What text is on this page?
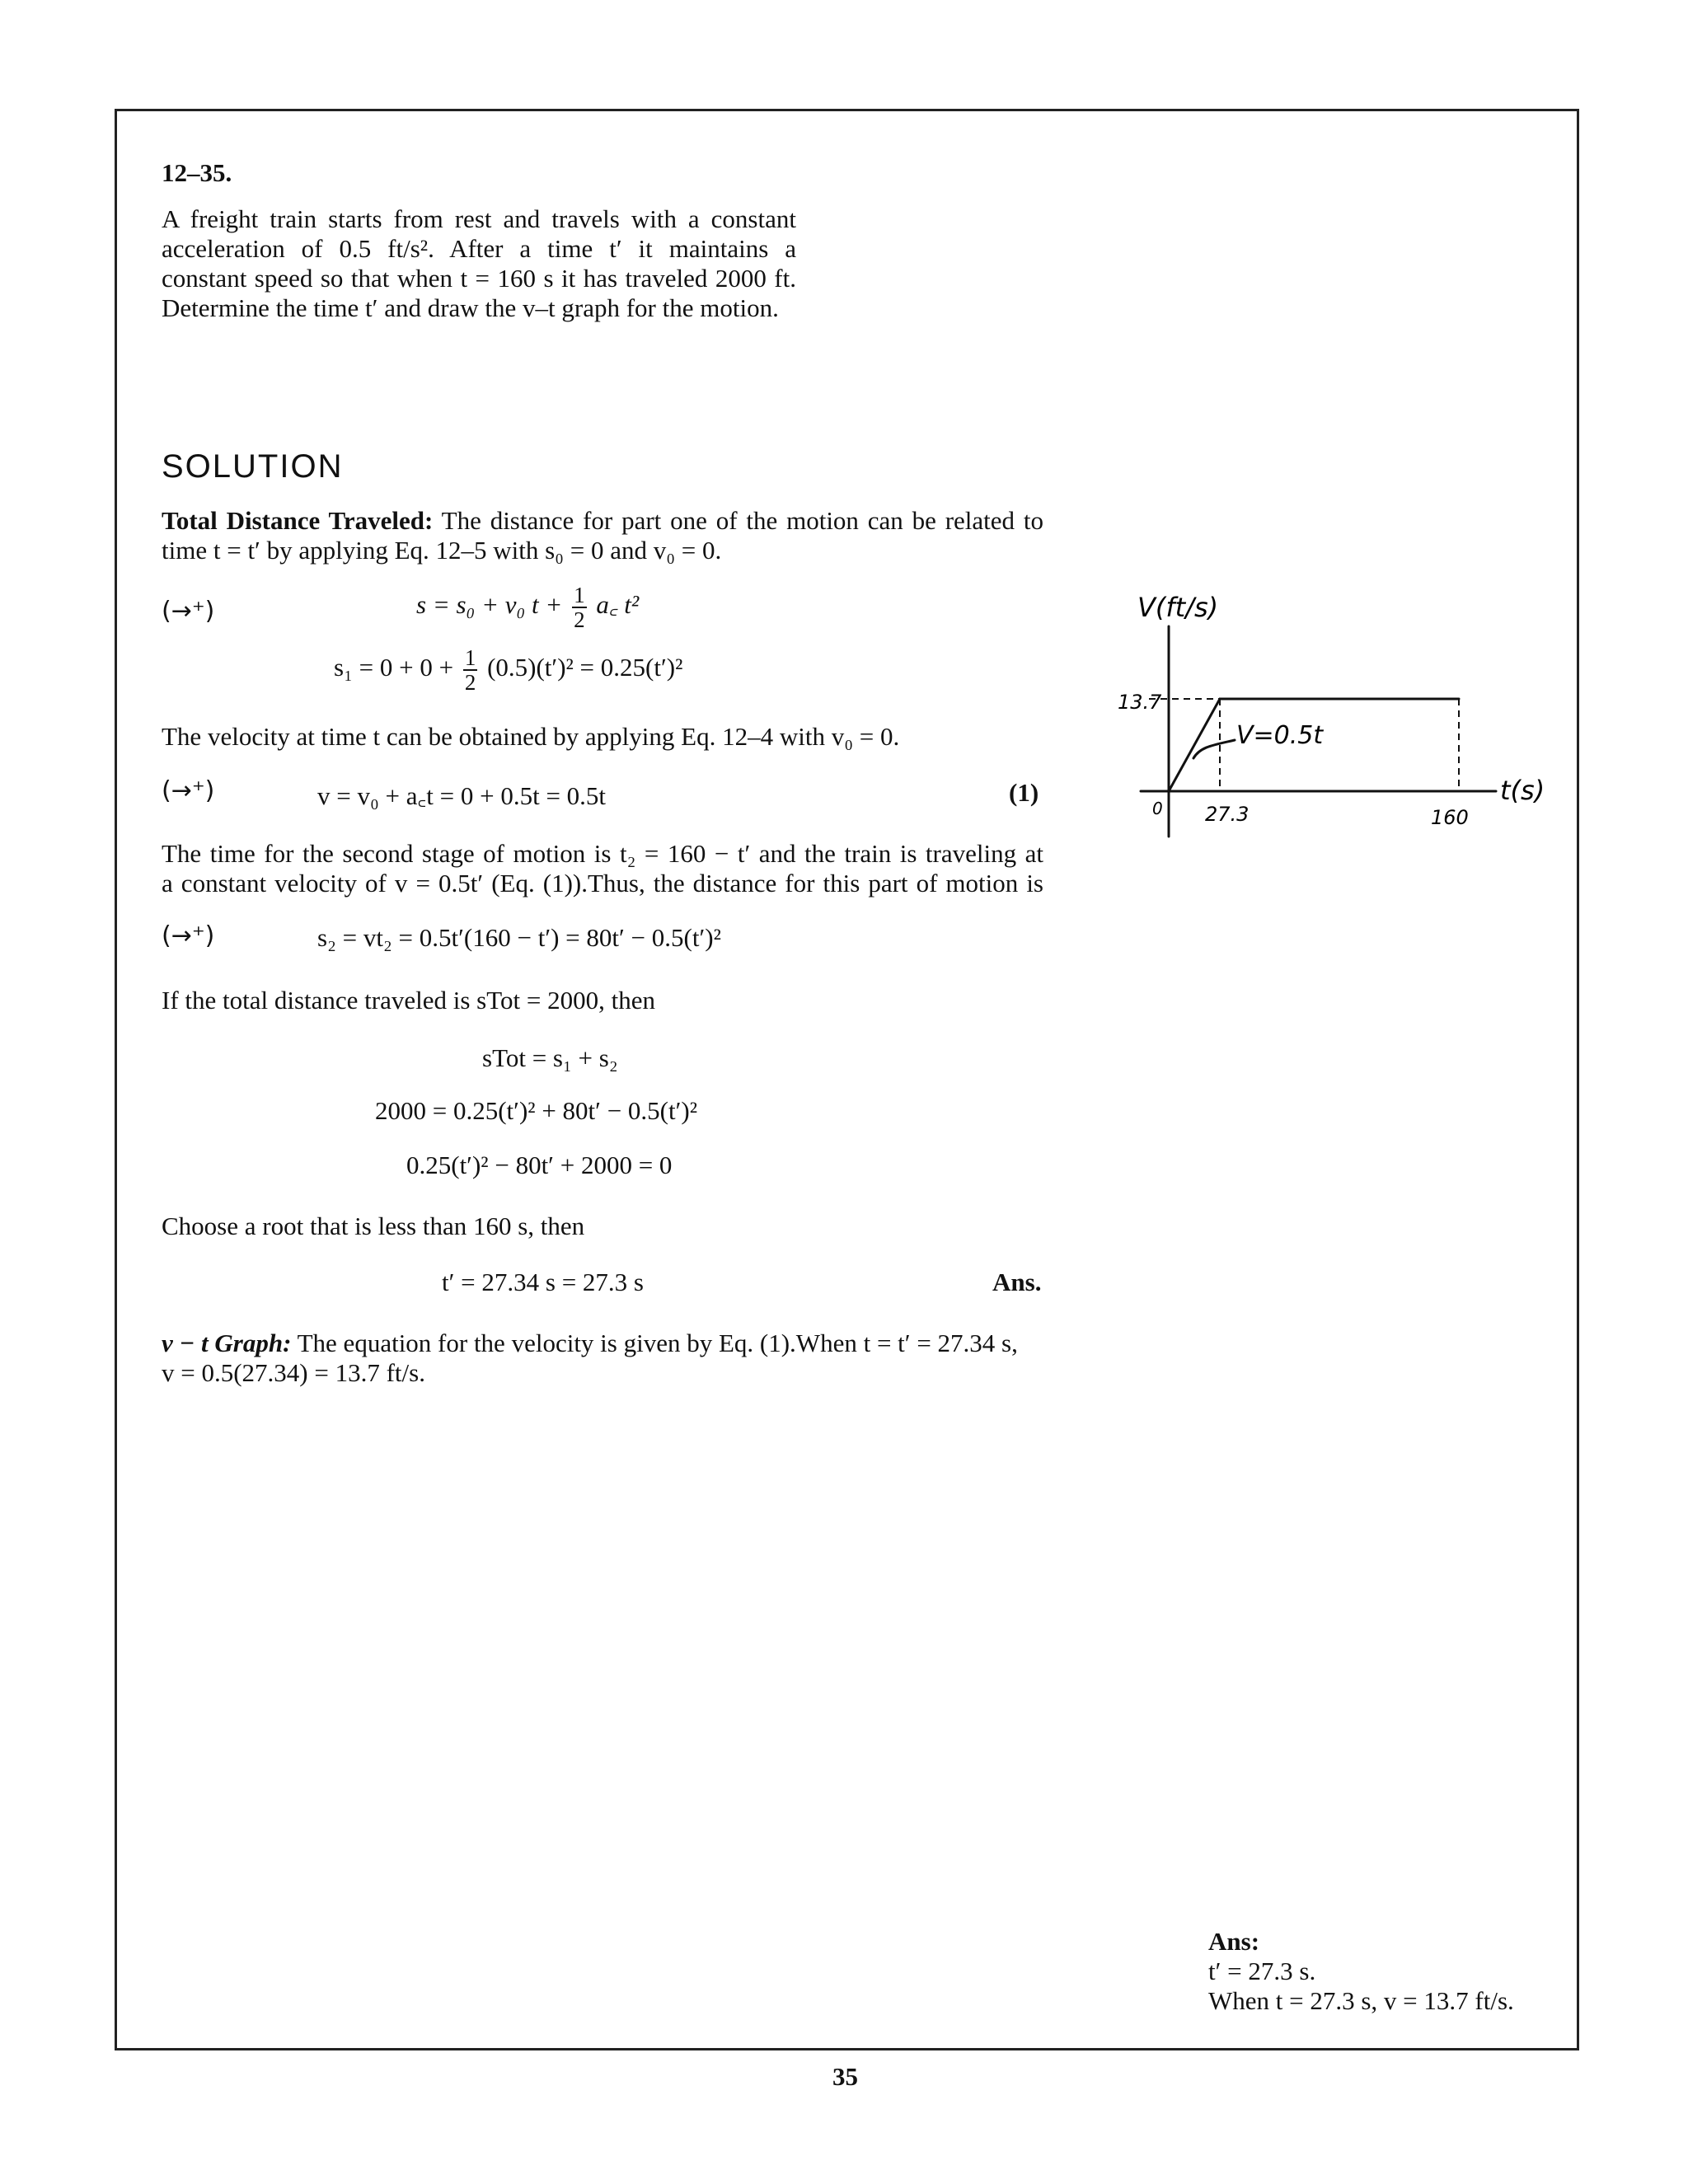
12–35.
A freight train starts from rest and travels with a constant
acceleration of 0.5 ft/s². After a time t′ it maintains a
constant speed so that when t = 160 s it has traveled 2000 ft.
Determine the time t′ and draw the v–t graph for the motion.
SOLUTION
Total Distance Traveled: The distance for part one of the motion can be related to
time t = t′ by applying Eq. 12–5 with s₀ = 0 and v₀ = 0.
(→⁺)	s = s₀ + v₀ $t + \frac{1}{2}$ a꜀ t²
$s_1 = 0 + 0 + \frac{1}{2} (0.5)(t')^2 = 0.25(t')^2$
The velocity at time t can be obtained by applying Eq. 12–4 with v₀ = 0.
(→⁺)	v = v₀ + a꜀t = 0 + 0.5t = 0.5t	(1)
The time for the second stage of motion is t₂ = 160 − t′ and the train is traveling at
a constant velocity of v = 0.5t′ (Eq. (1)).Thus, the distance for this part of motion is
(→⁺)	s₂ = vt₂ = 0.5t′(160 − t′) = 80t′ − 0.5(t′)²
If the total distance traveled is sTot = 2000, then
sTot = s₁ + s₂
2000 = 0.25(t′)² + 80t′ − 0.5(t′)²
0.25(t′)² − 80t′ + 2000 = 0
Choose a root that is less than 160 s, then
t′ = 27.34 s = 27.3 s	Ans.
v − t Graph: The equation for the velocity is given by Eq. (1).When t = t′ = 27.34 s,
v = 0.5(27.34) = 13.7 ft/s.
V(ft/s)
t(s)
13.7
0 27.3	160
V=0.5t
Ans:
t′ = 27.3 s.
When t = 27.3 s, v = 13.7 ft/s.
35
